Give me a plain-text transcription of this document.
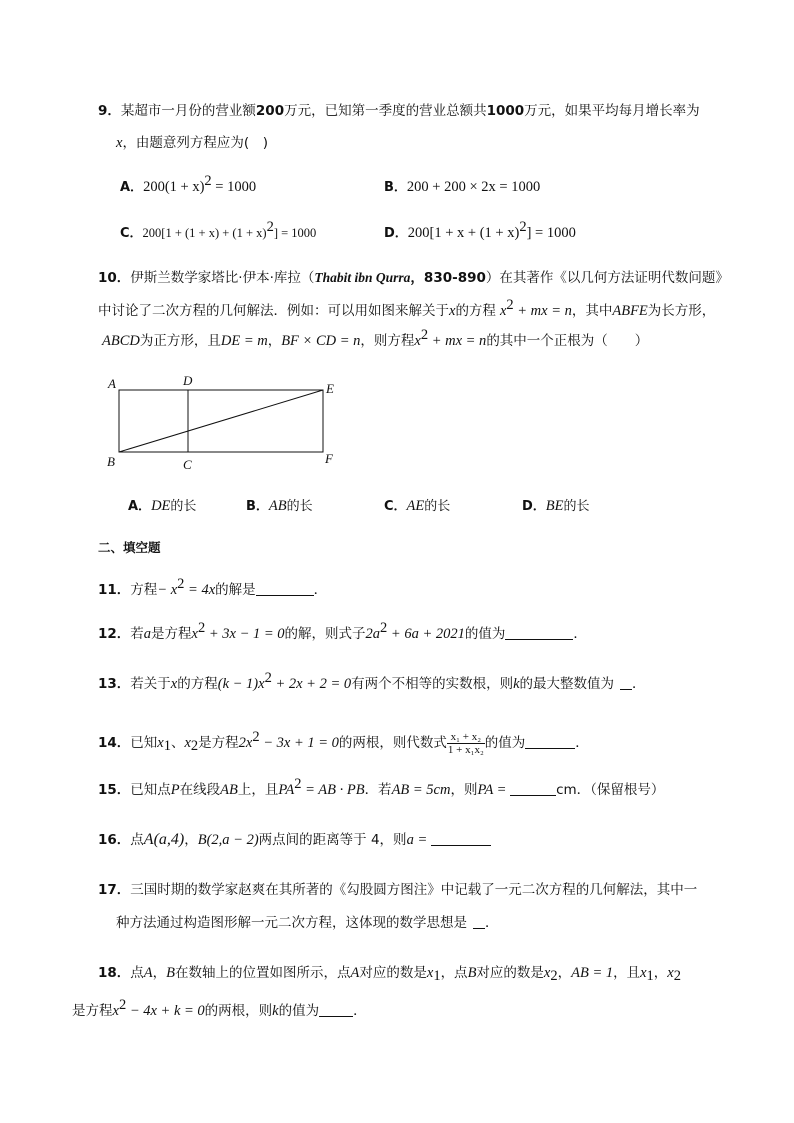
9．某超市一月份的营业额200万元，已知第一季度的营业总额共1000万元，如果平均每月增长率为
x，由题意列方程应为(　)
A．$200(1 + x)^2 = 1000$	B．200 + 200 × 2x = 1000
C．$200[1 + (1 + x) + (1 + x)^2] = 1000$	D．$200[1 + x + (1 + x)^2] = 1000$
10．伊斯兰数学家塔比·伊本·库拉（Thabit ibn Qurra，830-890）在其著作《以几何方法证明代数问题》
中讨论了二次方程的几何解法．例如：可以用如图来解关于x的方程 $x^2$ + mx = n，其中ABFE为长方形，
ABCD为正方形，且DE = m，BF × CD = n，则方程$x^2$ + mx = n的其中一个正根为（　　）
A	D
E
B	C	F
A．DE的长	B．AB的长	C．AE的长	D．BE的长
二、填空题
11．方程− $x^2 = 4x$的解是	．
12．若a是方程$x^2 + 3x - 1 = 0$的解，则式子$2a^2 + 6a + 2021$的值为	．
13．若关于x的方程$(k - 1)x^2 + 2x + 2 = 0$有两个不相等的实数根，则k的最大整数值为 ．
14．已知$x_1$、$x_2$是方程$2x^2 - 3x + 1 = 0$的两根，则代数式 $\frac{\text{x₁ + x₂}}{\text{1 + x₁x₂}}$ 的值为	．
15．已知点P在线段AB上，且$PA^2$ = AB · PB．若AB = 5cm，则PA =	cm．（保留根号）
16．点A(a,4)，B(2,a − 2)两点间的距离等于 4，则a =
17．三国时期的数学家赵爽在其所著的《勾股圆方图注》中记载了一元二次方程的几何解法，其中一
种方法通过构造图形解一元二次方程，这体现的数学思想是 ．
18．点A，B在数轴上的位置如图所示，点A对应的数是$x_1$，点B对应的数是$x_2$，AB = 1，且$x_1$，$x_2$
是方程$x^2 - 4x + k = 0$的两根，则k的值为	．
